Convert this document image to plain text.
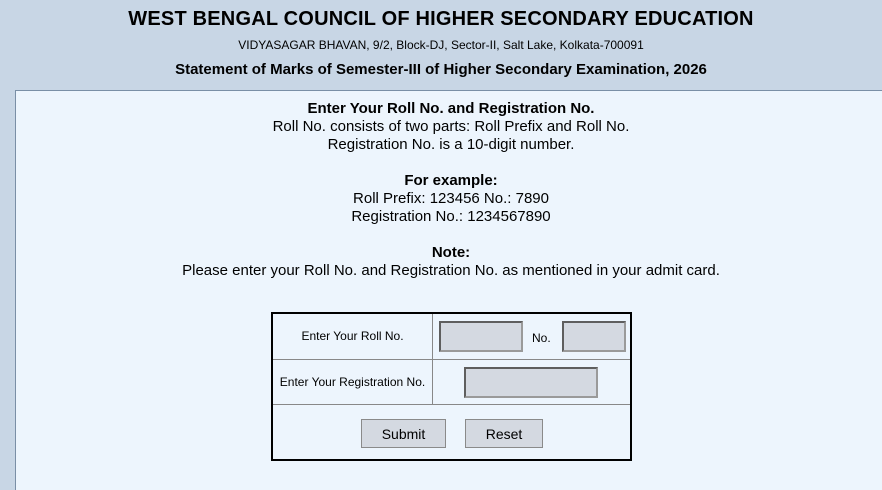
WEST BENGAL COUNCIL OF HIGHER SECONDARY EDUCATION
VIDYASAGAR BHAVAN, 9/2, Block-DJ, Sector-II, Salt Lake, Kolkata-700091
Statement of Marks of Semester-III of Higher Secondary Examination, 2026
Enter Your Roll No. and Registration No.
Roll No. consists of two parts: Roll Prefix and Roll No.
Registration No. is a 10-digit number.
For example:
Roll Prefix: 123456 No.: 7890
Registration No.: 1234567890
Note:
Please enter your Roll No. and Registration No. as mentioned in your admit card.
Enter Your Roll No.	No.
Enter Your Registration No.
Submit	Reset
